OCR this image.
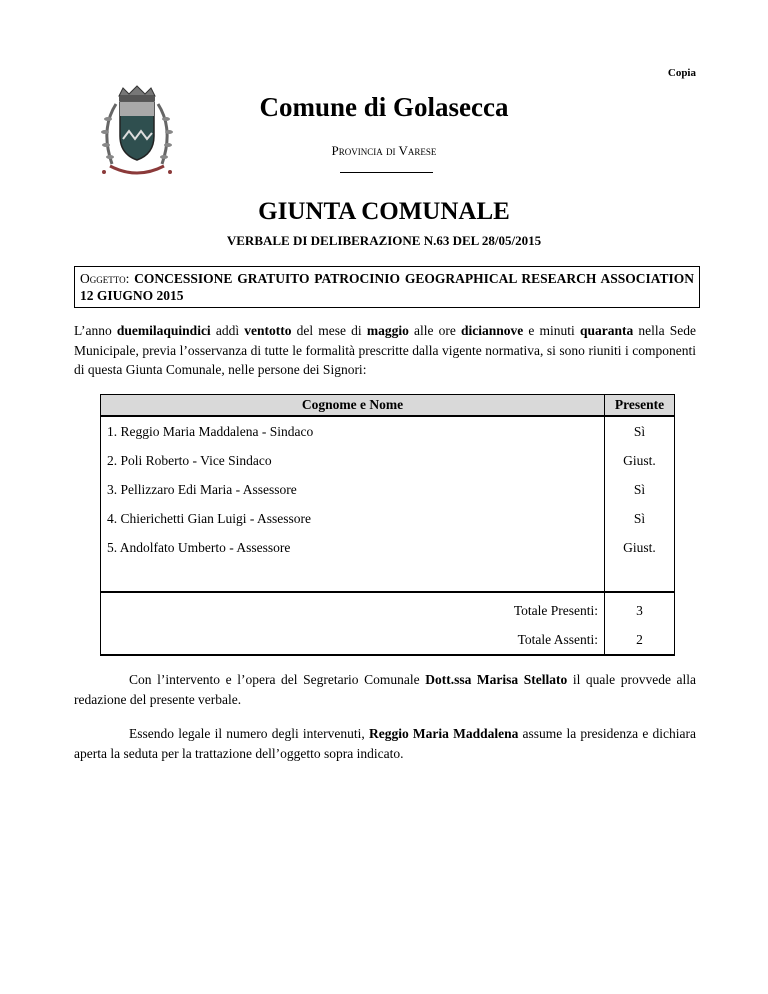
Copia
Comune di Golasecca
Provincia di Varese
GIUNTA COMUNALE
VERBALE DI DELIBERAZIONE N.63 DEL 28/05/2015
Oggetto: CONCESSIONE GRATUITO PATROCINIO GEOGRAPHICAL RESEARCH ASSOCIATION 12 GIUGNO 2015
L’anno duemilaquindici addì ventotto del mese di maggio alle ore diciannove e minuti quaranta nella Sede Municipale, previa l’osservanza di tutte le formalità prescritte dalla vigente normativa, si sono riuniti i componenti di questa Giunta Comunale, nelle persone dei Signori:
Cognome e Nome	Presente
1. Reggio Maria Maddalena - Sindaco	Sì
2. Poli Roberto - Vice Sindaco	Giust.
3. Pellizzaro Edi Maria - Assessore	Sì
4. Chierichetti Gian Luigi - Assessore	Sì
5. Andolfato Umberto - Assessore	Giust.

Totale Presenti:	3
Totale Assenti:	2
Con l’intervento e l’opera del Segretario Comunale Dott.ssa Marisa Stellato il quale provvede alla redazione del presente verbale.
Essendo legale il numero degli intervenuti, Reggio Maria Maddalena assume la presidenza e dichiara aperta la seduta per la trattazione dell’oggetto sopra indicato.
